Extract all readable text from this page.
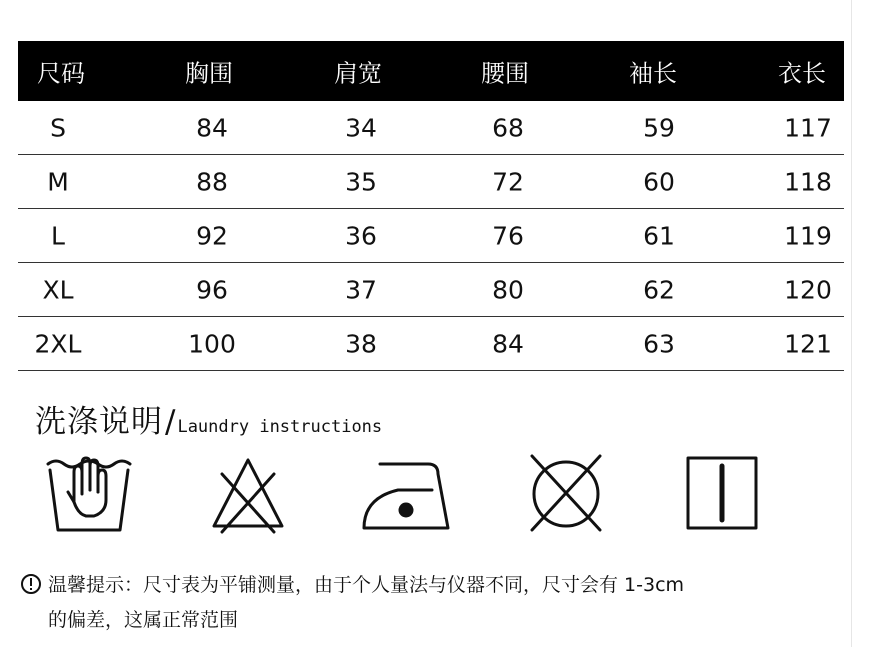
尺码	胸围	肩宽	腰围	袖长	衣长
S	84	34	68	59	117
M	88	35	72	60	118
L	92	36	76	61	119
XL	96	37	80	62	120
2XL	100	38	84	63	121
洗涤说明 / Laundry instructions
温馨提示：尺寸表为平铺测量，由于个人量法与仪器不同，尺寸会有 1-3cm
的偏差，这属正常范围
